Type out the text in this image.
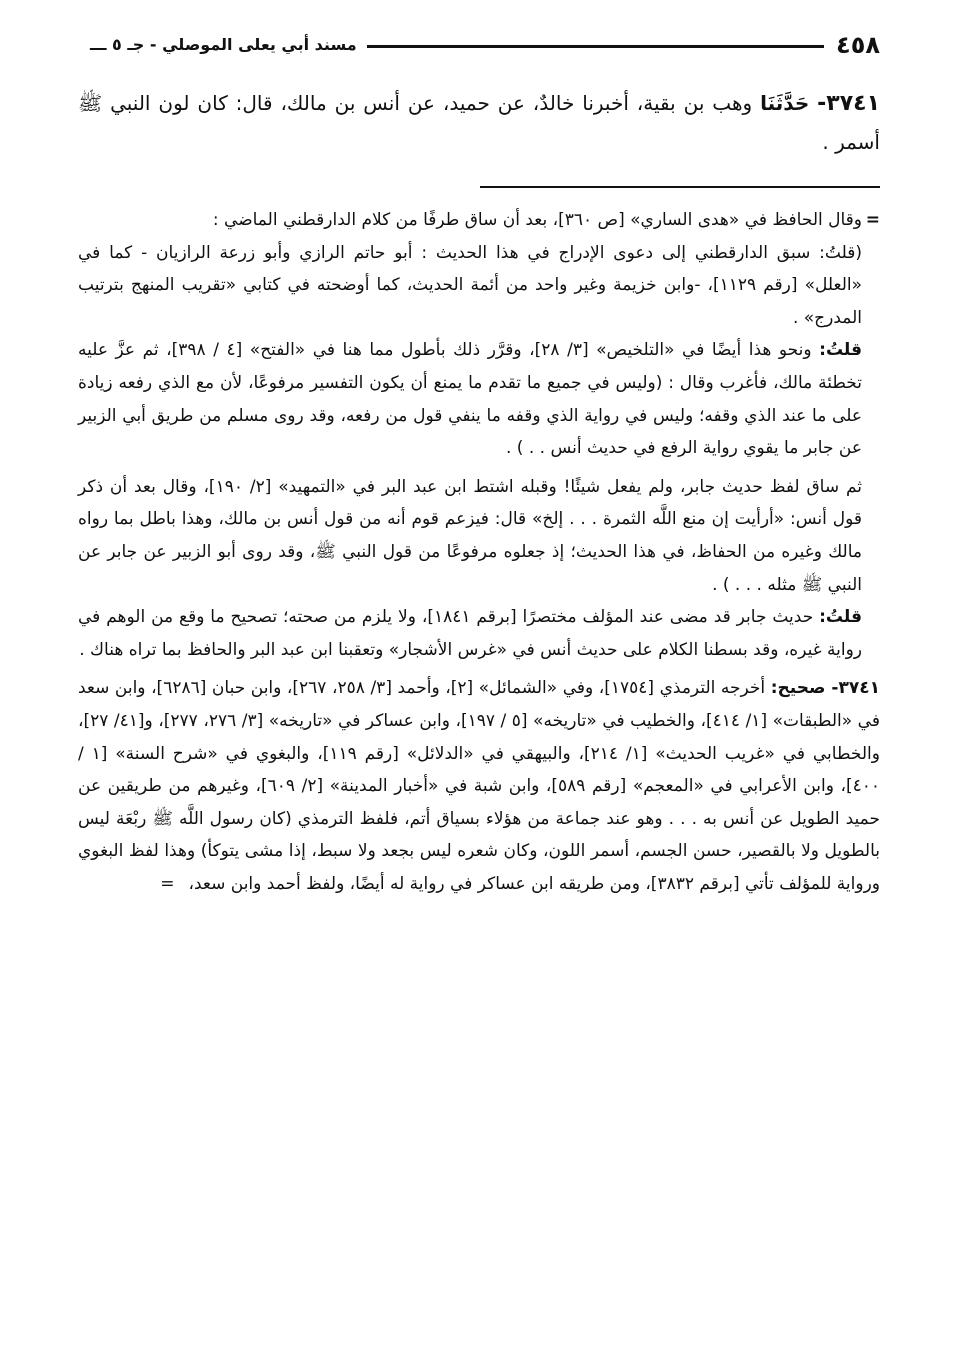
٤٥٨
مسند أبي يعلى الموصلي - جـ ٥ ـــ
٣٧٤١- حَدَّثَنَا وهب بن بقية، أخبرنا خالدٌ، عن حميد، عن أنس بن مالك، قال: كان لون النبي ﷺ أسمر .

=وقال الحافظ في «هدى الساري» [ص ٣٦٠]، بعد أن ساق طرفًا من كلام الدارقطني الماضي :

(قلتُ: سبق الدارقطني إلى دعوى الإدراج في هذا الحديث : أبو حاتم الرازي وأبو زرعة الرازيان - كما في «العلل» [رقم ١١٢٩]، -وابن خزيمة وغير واحد من أئمة الحديث، كما أوضحته في كتابي «تقريب المنهج بترتيب المدرج» .

قلتُ: ونحو هذا أيضًا في «التلخيص» [٣/ ٢٨]، وقرَّر ذلك بأطول مما هنا في «الفتح» [٤ / ٣٩٨]، ثم عزَّ عليه تخطئة مالك، فأغرب وقال : (وليس في جميع ما تقدم ما يمنع أن يكون التفسير مرفوعًا، لأن مع الذي رفعه زيادة على ما عند الذي وقفه؛ وليس في رواية الذي وقفه ما ينفي قول من رفعه، وقد روى مسلم من طريق أبي الزبير عن جابر ما يقوي رواية الرفع في حديث أنس . . ) .

ثم ساق لفظ حديث جابر، ولم يفعل شيئًا! وقبله اشتط ابن عبد البر في «التمهيد» [٢/ ١٩٠]، وقال بعد أن ذكر قول أنس: «أرأيت إن منع اللَّه الثمرة . . . إلخ» قال: فيزعم قوم أنه من قول أنس بن مالك، وهذا باطل بما رواه مالك وغيره من الحفاظ، في هذا الحديث؛ إذ جعلوه مرفوعًا من قول النبي ﷺ، وقد روى أبو الزبير عن جابر عن النبي ﷺ مثله . . . ) .

قلتُ: حديث جابر قد مضى عند المؤلف مختصرًا [برقم ١٨٤١]، ولا يلزم من صحته؛ تصحيح ما وقع من الوهم في رواية غيره، وقد بسطنا الكلام على حديث أنس في «غرس الأشجار» وتعقبنا ابن عبد البر والحافظ بما تراه هناك .

٣٧٤١- صحيح: أخرجه الترمذي [١٧٥٤]، وفي «الشمائل» [٢]، وأحمد [٣/ ٢٥٨، ٢٦٧]، وابن حبان [٦٢٨٦]، وابن سعد في «الطبقات» [١/ ٤١٤]، والخطيب في «تاريخه» [٥ / ١٩٧]، وابن عساكر في «تاريخه» [٣/ ٢٧٦، ٢٧٧]، و[٤١/ ٢٧]، والخطابي في «غريب الحديث» [١/ ٢١٤]، والبيهقي في «الدلائل» [رقم ١١٩]، والبغوي في «شرح السنة» [١ / ٤٠٠]، وابن الأعرابي في «المعجم» [رقم ٥٨٩]، وابن شبة في «أخبار المدينة» [٢/ ٦٠٩]، وغيرهم من طريقين عن حميد الطويل عن أنس به . . . وهو عند جماعة من هؤلاء بسياق أتم، فلفظ الترمذي (كان رسول اللَّه ﷺ ربْعَة ليس بالطويل ولا بالقصير، حسن الجسم، أسمر اللون، وكان شعره ليس بجعد ولا سبط، إذا مشى يتوكأ) وهذا لفظ البغوي ورواية للمؤلف تأتي [برقم ٣٨٣٢]، ومن طريقه ابن عساكر في رواية له أيضًا، ولفظ أحمد وابن سعد،=
